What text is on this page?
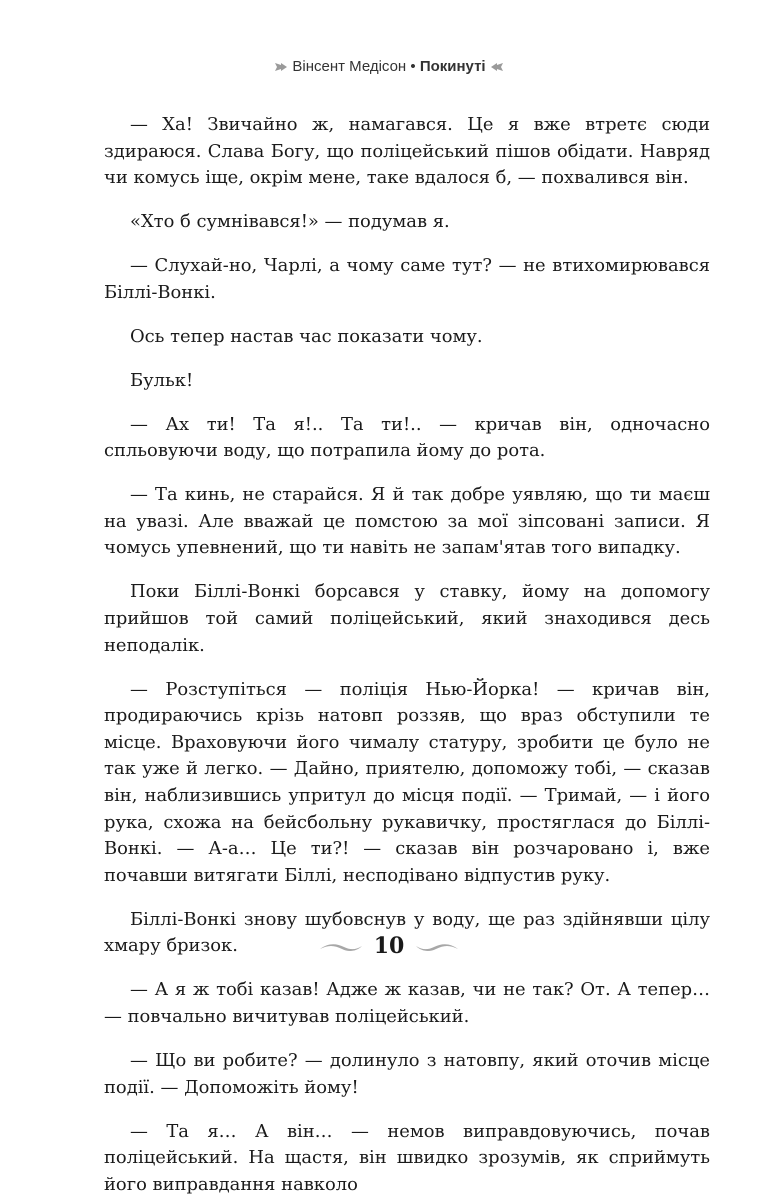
Вінсент Медісон • Покинуті

— Ха! Звичайно ж, намагався. Це я вже втретє сюди здираюся. Слава Богу, що поліцейський пішов обідати. Навряд чи комусь іще, окрім мене, таке вдалося б, — похвалився він.

«Хто б сумнівався!» — подумав я.

— Слухай-но, Чарлі, а чому саме тут? — не втихомирювався Біллі-Вонкі.

Ось тепер настав час показати чому.

Бульк!

— Ах ти! Та я!.. Та ти!.. — кричав він, одночасно спльовуючи воду, що потрапила йому до рота.

— Та кинь, не старайся. Я й так добре уявляю, що ти маєш на увазі. Але вважай це помстою за мої зіпсовані записи. Я чомусь упевнений, що ти навіть не запам'ятав того випадку.

Поки Біллі-Вонкі борсався у ставку, йому на допомогу прийшов той самий поліцейський, який знаходився десь неподалік.

— Розступіться — поліція Нью-Йорка! — кричав він, продираючись крізь натовп роззяв, що враз обступили те місце. Враховуючи його чималу статуру, зробити це було не так уже й легко. — Дайно, приятелю, допоможу тобі, — сказав він, наблизившись упритул до місця події. — Тримай, — і його рука, схожа на бейсбольну рукавичку, простяглася до Біллі-Вонкі. — А-а… Це ти?! — сказав він розчаровано і, вже почавши витягати Біллі, несподівано відпустив руку.

Біллі-Вонкі знову шубовснув у воду, ще раз здійнявши цілу хмару бризок.

— А я ж тобі казав! Адже ж казав, чи не так? От. А тепер… — повчально вичитував поліцейський.

— Що ви робите? — долинуло з натовпу, який оточив місце події. — Допоможіть йому!

— Та я… А він… — немов виправдовуючись, почав поліцейський. На щастя, він швидко зрозумів, як сприймуть його виправдання навколо

10
